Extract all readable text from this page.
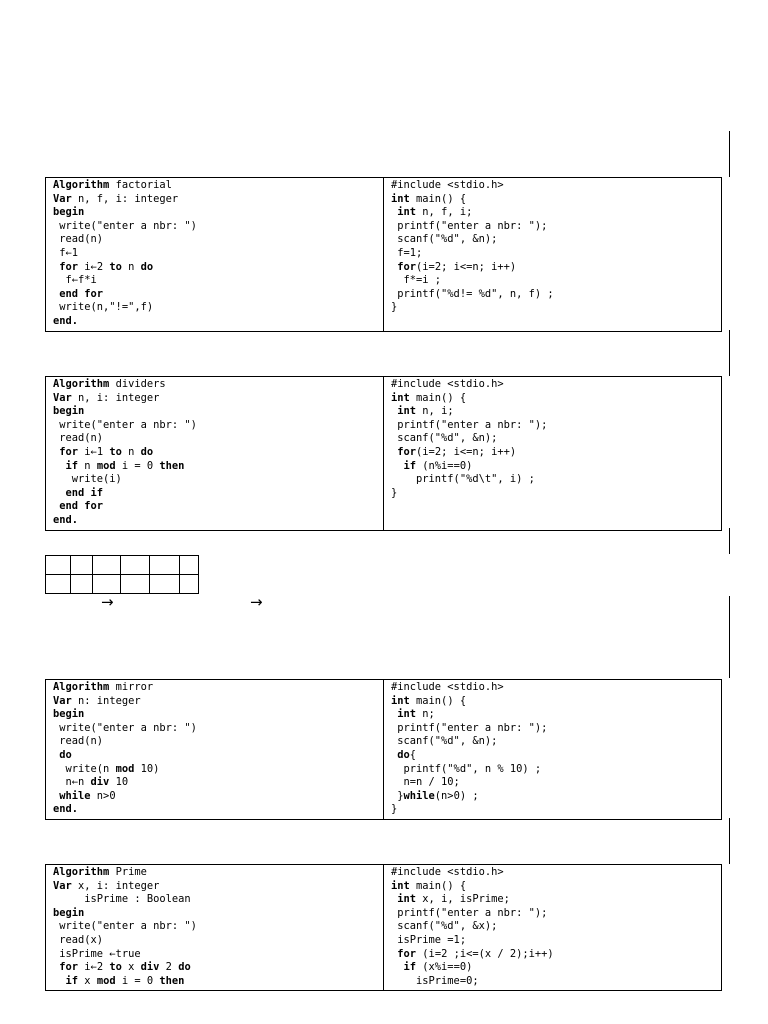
Algorithm factorial
Var n, f, i: integer
begin
write("enter a nbr: ")
read(n)
f←1
for i←2 to n do
f←f*i
end for
write(n,"!=",f)
end.

#include <stdio.h>
int main() {
int n, f, i;
printf("enter a nbr: ");
scanf("%d", &n);
f=1;
for(i=2; i<=n; i++)
f*=i ;
printf("%d!= %d", n, f) ;
}
Algorithm dividers
Var n, i: integer
begin
write("enter a nbr: ")
read(n)
for i←1 to n do
if n mod i = 0 then
write(i)
end if
end for
end.

#include <stdio.h>
int main() {
int n, i;
printf("enter a nbr: ");
scanf("%d", &n);
for(i=2; i<=n; i++)
if (n%i==0)
printf("%d\t", i) ;
}
Algorithm mirror
Var n: integer
begin
write("enter a nbr: ")
read(n)
do
write(n mod 10)
n←n div 10
while n>0
end.

#include <stdio.h>
int main() {
int n;
printf("enter a nbr: ");
scanf("%d", &n);
do{
printf("%d", n % 10) ;
n=n / 10;
}while(n>0) ;
}
Algorithm Prime
Var x, i: integer
isPrime : Boolean
begin
write("enter a nbr: ")
read(x)
isPrime ←true
for i←2 to x div 2 do
if x mod i = 0 then

#include <stdio.h>
int main() {
int x, i, isPrime;
printf("enter a nbr: ");
scanf("%d", &x);
isPrime =1;
for (i=2 ;i<=(x / 2);i++)
if (x%i==0)
isPrime=0;

→	→
